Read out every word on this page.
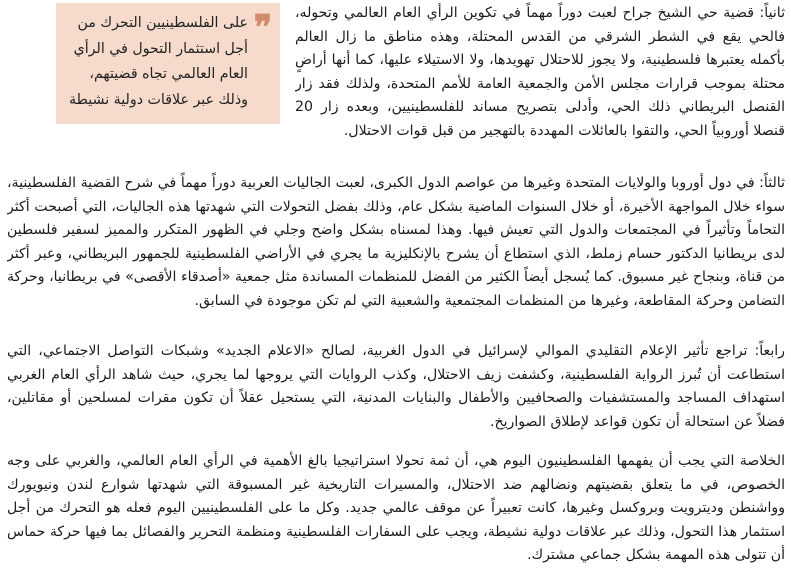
❞

على الفلسطينيين التحرك من أجل استثمار التحول في الرأي العام العالمي تجاه قضيتهم، وذلك عبر علاقات دولية نشيطة

ثانياً: قضية حي الشيخ جراح لعبت دوراً مهماً في تكوين الرأي العام العالمي وتحوله، فالحي يقع في الشطر الشرقي من القدس المحتلة، وهذه مناطق ما زال العالم بأكمله يعتبرها فلسطينية، ولا يجوز للاحتلال تهويدها، ولا الاستيلاء عليها، كما أنها أراضٍ محتلة بموجب قرارات مجلس الأمن والجمعية العامة للأمم المتحدة، ولذلك فقد زار القنصل البريطاني ذلك الحي، وأدلى بتصريح مساند للفلسطينيين، وبعده زار 20 قنصلا أوروبياً الحي، والتقوا بالعائلات المهددة بالتهجير من قبل قوات الاحتلال.

ثالثاً: في دول أوروبا والولايات المتحدة وغيرها من عواصم الدول الكبرى، لعبت الجاليات العربية دوراً مهماً في شرح القضية الفلسطينية، سواء خلال المواجهة الأخيرة، أو خلال السنوات الماضية بشكل عام، وذلك بفضل التحولات التي شهدتها هذه الجاليات، التي أصبحت أكثر التحاماً وتأثيراً في المجتمعات والدول التي تعيش فيها. وهذا لمسناه بشكل واضح وجلي في الظهور المتكرر والمميز لسفير فلسطين لدى بريطانيا الدكتور حسام زملط، الذي استطاع أن يشرح بالإنكليزية ما يجري في الأراضي الفلسطينية للجمهور البريطاني، وعبر أكثر من قناة، وبنجاح غير مسبوق. كما يُسجل أيضاً الكثير من الفضل للمنظمات المساندة مثل جمعية «أصدقاء الأقصى» في بريطانيا، وحركة التضامن وحركة المقاطعة، وغيرها من المنظمات المجتمعية والشعبية التي لم تكن موجودة في السابق.

رابعاً: تراجع تأثير الإعلام التقليدي الموالي لإسرائيل في الدول الغربية، لصالح «الاعلام الجديد» وشبكات التواصل الاجتماعي، التي استطاعت أن تُبرز الرواية الفلسطينية، وكشفت زيف الاحتلال، وكذب الروايات التي يروجها لما يجري، حيث شاهد الرأي العام الغربي استهداف المساجد والمستشفيات والصحافيين والأطفال والبنايات المدنية، التي يستحيل عقلاً أن تكون مقرات لمسلحين أو مقاتلين، فضلاً عن استحالة أن تكون قواعد لإطلاق الصواريخ.

الخلاصة التي يجب أن يفهمها الفلسطينيون اليوم هي، أن ثمة تحولا استراتيجيا بالغ الأهمية في الرأي العام العالمي، والغربي على وجه الخصوص، في ما يتعلق بقضيتهم ونضالهم ضد الاحتلال، والمسيرات التاريخية غير المسبوقة التي شهدتها شوارع لندن ونيويورك وواشنطن وديترويت وبروكسل وغيرها، كانت تعبيراً عن موقف عالمي جديد. وكل ما على الفلسطينيين اليوم فعله هو التحرك من أجل استثمار هذا التحول، وذلك عبر علاقات دولية نشيطة، ويجب على السفارات الفلسطينية ومنظمة التحرير والفصائل بما فيها حركة حماس أن تتولى هذه المهمة بشكل جماعي مشترك.
